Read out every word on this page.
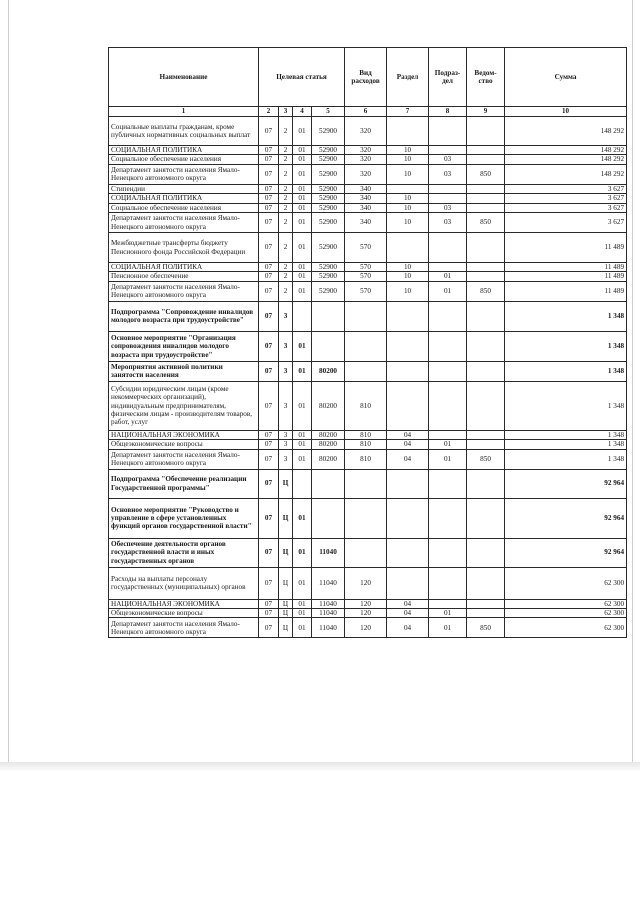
Наименование	Целевая статья				Вид расходов	Раздел	Подраз-дел	Ведом-ство	Сумма
1	2	3	4	5	6	7	8	9	10
Социальные выплаты гражданам, кроме публичных нормативных социальных выплат	07	2	01	52900	320				148 292
СОЦИАЛЬНАЯ ПОЛИТИКА	07	2	01	52900	320	10			148 292
Социальное обеспечение населения	07	2	01	52900	320	10	03		148 292
Департамент занятости населения Ямало-Ненецкого автономного округа	07	2	01	52900	320	10	03	850	148 292
Стипендии	07	2	01	52900	340				3 627
СОЦИАЛЬНАЯ ПОЛИТИКА	07	2	01	52900	340	10			3 627
Социальное обеспечение населения	07	2	01	52900	340	10	03		3 627
Департамент занятости населения Ямало-Ненецкого автономного округа	07	2	01	52900	340	10	03	850	3 627
Межбюджетные трансферты бюджету Пенсионного фонда Российской Федерации	07	2	01	52900	570				11 489
СОЦИАЛЬНАЯ ПОЛИТИКА	07	2	01	52900	570	10			11 489
Пенсионное обеспечение	07	2	01	52900	570	10	01		11 489
Департамент занятости населения Ямало-Ненецкого автономного округа	07	2	01	52900	570	10	01	850	11 489
Подпрограмма "Сопровождение инвалидов молодого возраста при трудоустройстве"	07	3							1 348
Основное мероприятие "Организация сопровождения инвалидов молодого возраста при трудоустройстве"	07	3	01						1 348
Мероприятия активной политики занятости населения	07	3	01	80200					1 348
Субсидии юридическим лицам (кроме некоммерческих организаций), индивидуальным предпринимателям, физическим лицам - производителям товаров, работ, услуг	07	3	01	80200	810				1 348
НАЦИОНАЛЬНАЯ ЭКОНОМИКА	07	3	01	80200	810	04			1 348
Общеэкономические вопросы	07	3	01	80200	810	04	01		1 348
Департамент занятости населения Ямало-Ненецкого автономного округа	07	3	01	80200	810	04	01	850	1 348
Подпрограмма "Обеспечение реализации Государственной программы"	07	Ц							92 964
Основное мероприятие "Руководство и управление в сфере установленных функций органов государственной власти"	07	Ц	01						92 964
Обеспечение деятельности органов государственной власти и иных государственных органов	07	Ц	01	11040					92 964
Расходы на выплаты персоналу государственных (муниципальных) органов	07	Ц	01	11040	120				62 300
НАЦИОНАЛЬНАЯ ЭКОНОМИКА	07	Ц	01	11040	120	04			62 300
Общеэкономические вопросы	07	Ц	01	11040	120	04	01		62 300
Департамент занятости населения Ямало-Ненецкого автономного округа	07	Ц	01	11040	120	04	01	850	62 300
